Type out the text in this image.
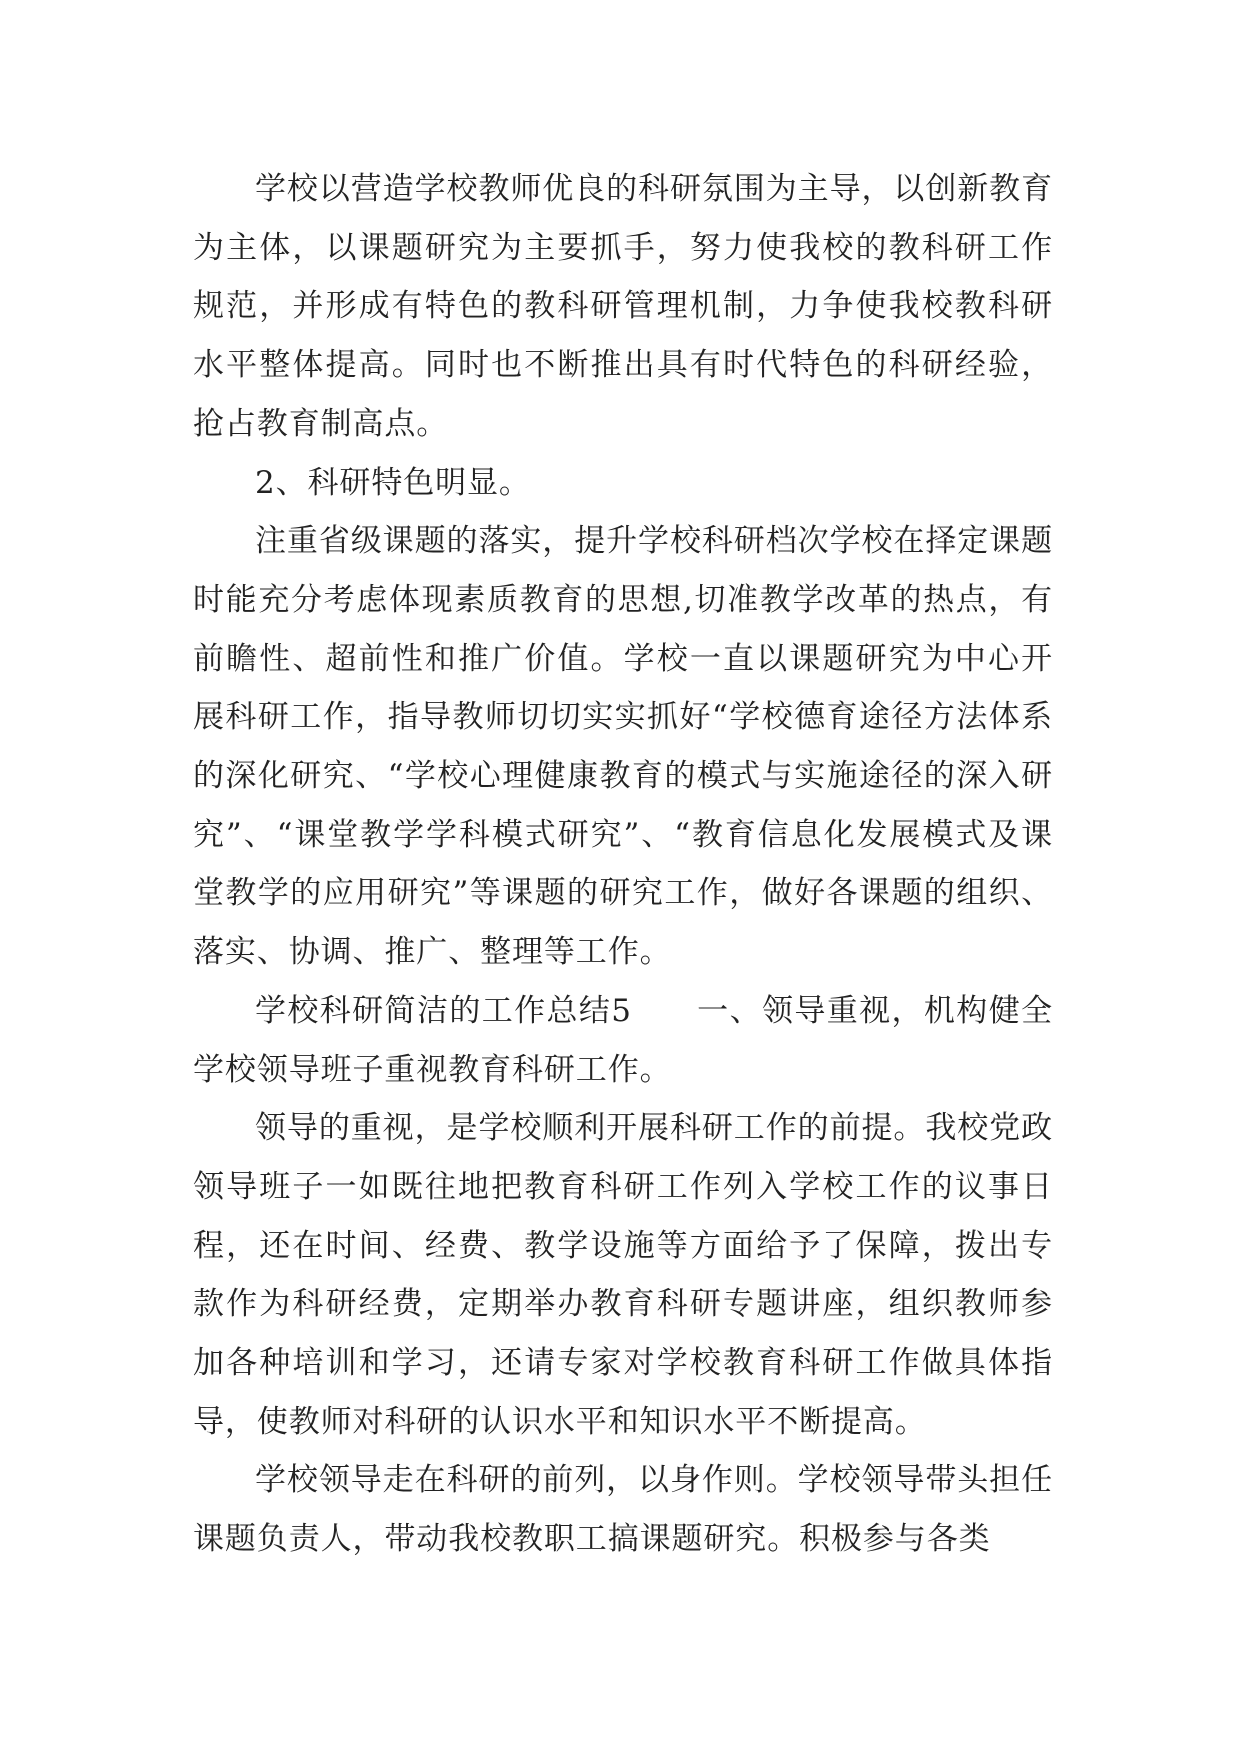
学校以营造学校教师优良的科研氛围为主导，以创新教育为主体，以课题研究为主要抓手，努力使我校的教科研工作规范，并形成有特色的教科研管理机制，力争使我校教科研水平整体提高。同时也不断推出具有时代特色的科研经验，抢占教育制高点。

2、科研特色明显。

注重省级课题的落实，提升学校科研档次学校在择定课题时能充分考虑体现素质教育的思想,切准教学改革的热点，有前瞻性、超前性和推广价值。学校一直以课题研究为中心开展科研工作，指导教师切切实实抓好“学校德育途径方法体系的深化研究、“学校心理健康教育的模式与实施途径的深入研究”、“课堂教学学科模式研究”、“教育信息化发展模式及课堂教学的应用研究”等课题的研究工作，做好各课题的组织、落实、协调、推广、整理等工作。

学校科研简洁的工作总结5　　一、领导重视，机构健全学校领导班子重视教育科研工作。

领导的重视，是学校顺利开展科研工作的前提。我校党政领导班子一如既往地把教育科研工作列入学校工作的议事日程，还在时间、经费、教学设施等方面给予了保障，拨出专款作为科研经费，定期举办教育科研专题讲座，组织教师参加各种培训和学习，还请专家对学校教育科研工作做具体指导，使教师对科研的认识水平和知识水平不断提高。

学校领导走在科研的前列，以身作则。学校领导带头担任课题负责人，带动我校教职工搞课题研究。积极参与各类
